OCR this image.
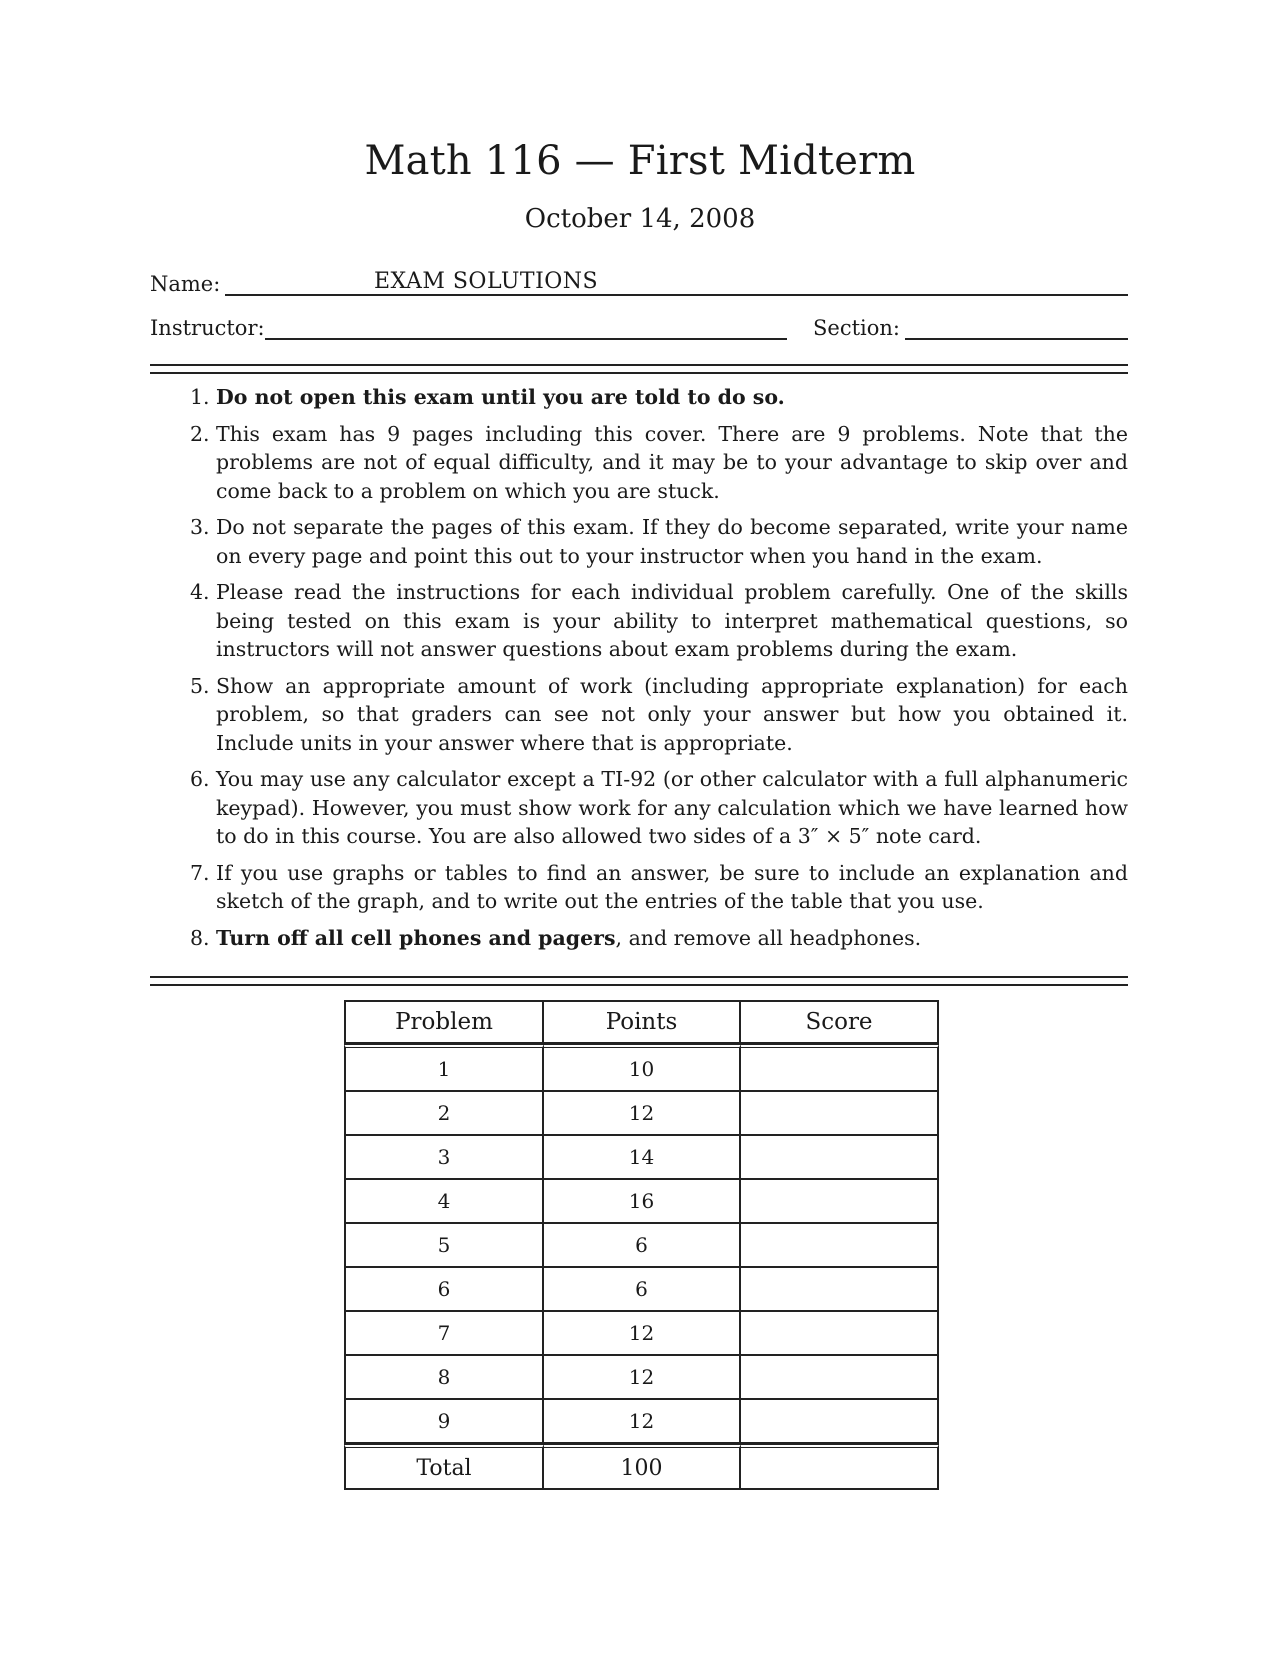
Math 116 — First Midterm
October 14, 2008
Name:	EXAM SOLUTIONS
Instructor:	Section:
1. Do not open this exam until you are told to do so.
2. This exam has 9 pages including this cover. There are 9 problems. Note that the problems are not of equal difficulty, and it may be to your advantage to skip over and come back to a problem on which you are stuck.
3. Do not separate the pages of this exam. If they do become separated, write your name on every page and point this out to your instructor when you hand in the exam.
4. Please read the instructions for each individual problem carefully. One of the skills being tested on this exam is your ability to interpret mathematical questions, so instructors will not answer questions about exam problems during the exam.
5. Show an appropriate amount of work (including appropriate explanation) for each problem, so that graders can see not only your answer but how you obtained it. Include units in your answer where that is appropriate.
6. You may use any calculator except a TI-92 (or other calculator with a full alphanumeric keypad). However, you must show work for any calculation which we have learned how to do in this course. You are also allowed two sides of a 3″ × 5″ note card.
7. If you use graphs or tables to find an answer, be sure to include an explanation and sketch of the graph, and to write out the entries of the table that you use.
8. Turn off all cell phones and pagers, and remove all headphones.
Problem	Points	Score
1	10	
2	12	
3	14	
4	16	
5	6	
6	6	
7	12	
8	12	
9	12	
Total	100	
